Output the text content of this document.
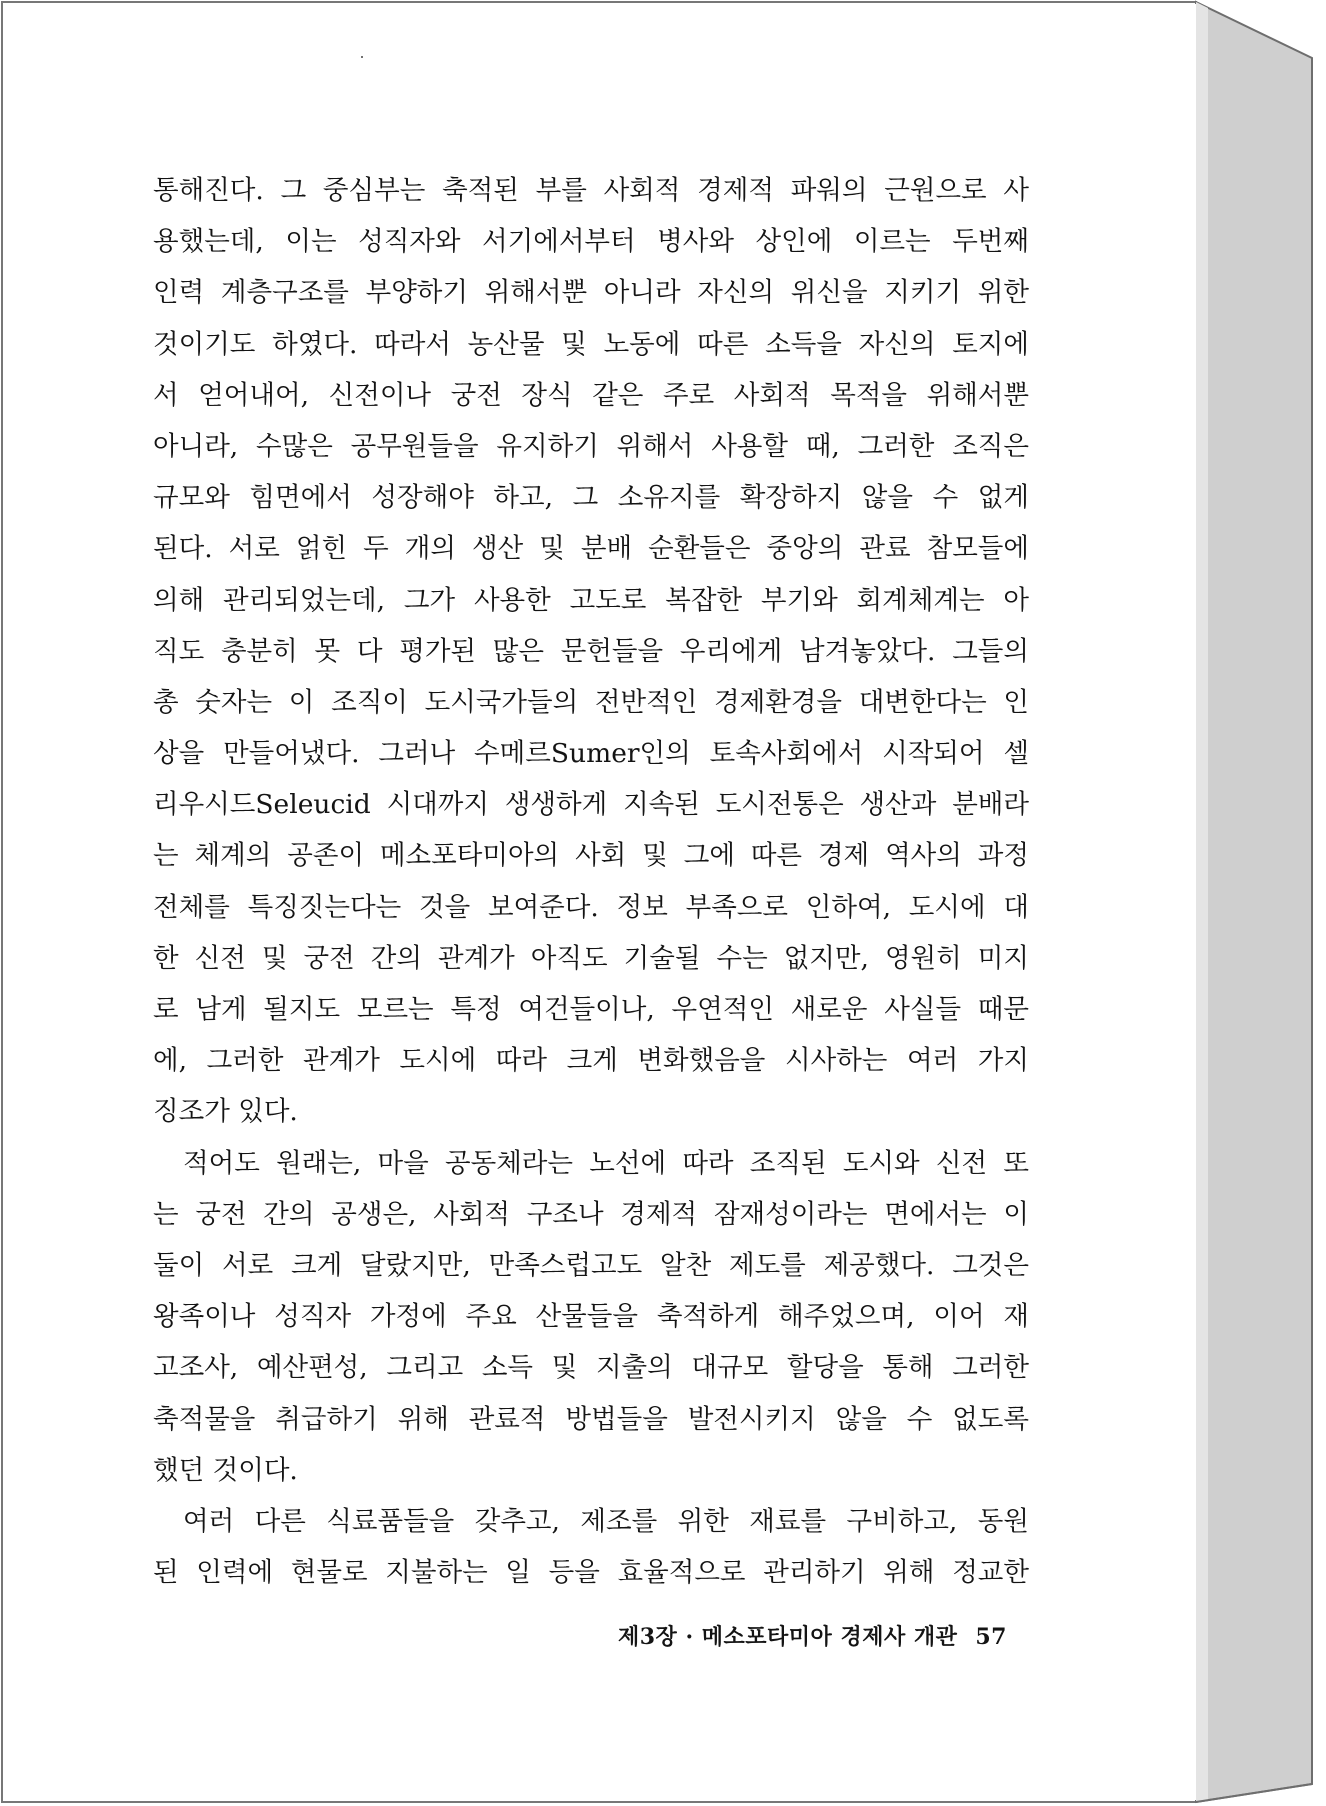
통해진다. 그 중심부는 축적된 부를 사회적 경제적 파워의 근원으로 사
용했는데, 이는 성직자와 서기에서부터 병사와 상인에 이르는 두번째
인력 계층구조를 부양하기 위해서뿐 아니라 자신의 위신을 지키기 위한
것이기도 하였다. 따라서 농산물 및 노동에 따른 소득을 자신의 토지에
서 얻어내어, 신전이나 궁전 장식 같은 주로 사회적 목적을 위해서뿐
아니라, 수많은 공무원들을 유지하기 위해서 사용할 때, 그러한 조직은
규모와 힘면에서 성장해야 하고, 그 소유지를 확장하지 않을 수 없게
된다. 서로 얽힌 두 개의 생산 및 분배 순환들은 중앙의 관료 참모들에
의해 관리되었는데, 그가 사용한 고도로 복잡한 부기와 회계체계는 아
직도 충분히 못 다 평가된 많은 문헌들을 우리에게 남겨놓았다. 그들의
총 숫자는 이 조직이 도시국가들의 전반적인 경제환경을 대변한다는 인
상을 만들어냈다. 그러나 수메르Sumer인의 토속사회에서 시작되어 셀
리우시드Seleucid 시대까지 생생하게 지속된 도시전통은 생산과 분배라
는 체계의 공존이 메소포타미아의 사회 및 그에 따른 경제 역사의 과정
전체를 특징짓는다는 것을 보여준다. 정보 부족으로 인하여, 도시에 대
한 신전 및 궁전 간의 관계가 아직도 기술될 수는 없지만, 영원히 미지
로 남게 될지도 모르는 특정 여건들이나, 우연적인 새로운 사실들 때문
에, 그러한 관계가 도시에 따라 크게 변화했음을 시사하는 여러 가지
징조가 있다.
적어도 원래는, 마을 공동체라는 노선에 따라 조직된 도시와 신전 또
는 궁전 간의 공생은, 사회적 구조나 경제적 잠재성이라는 면에서는 이
둘이 서로 크게 달랐지만, 만족스럽고도 알찬 제도를 제공했다. 그것은
왕족이나 성직자 가정에 주요 산물들을 축적하게 해주었으며, 이어 재
고조사, 예산편성, 그리고 소득 및 지출의 대규모 할당을 통해 그러한
축적물을 취급하기 위해 관료적 방법들을 발전시키지 않을 수 없도록
했던 것이다.
여러 다른 식료품들을 갖추고, 제조를 위한 재료를 구비하고, 동원
된 인력에 현물로 지불하는 일 등을 효율적으로 관리하기 위해 정교한
제3장 · 메소포타미아 경제사 개관 57
